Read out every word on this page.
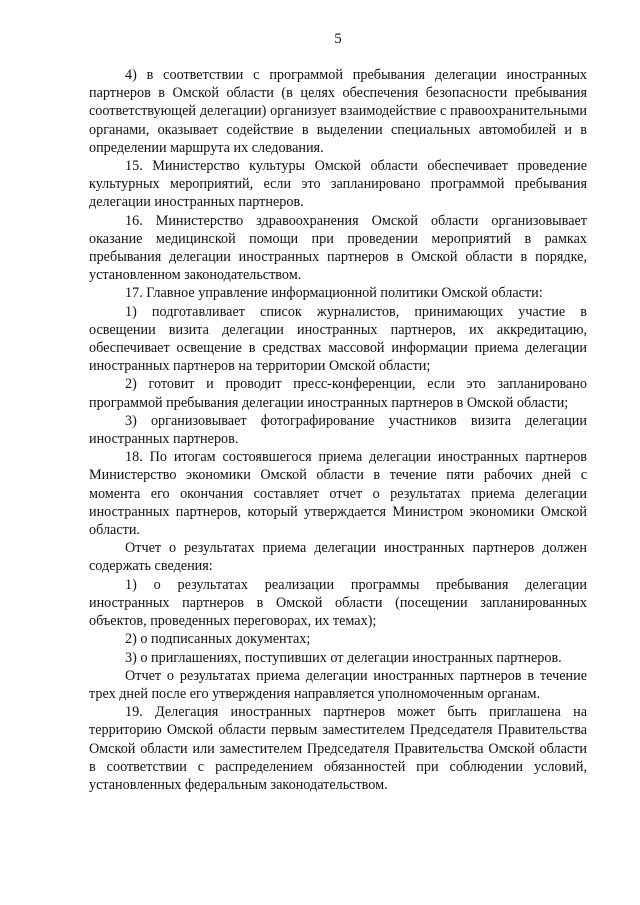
5

4) в соответствии с программой пребывания делегации иностранных партнеров в Омской области (в целях обеспечения безопасности пребывания соответствующей делегации) организует взаимодействие с правоохранительными органами, оказывает содействие в выделении специальных автомобилей и в определении маршрута их следования.

15. Министерство культуры Омской области обеспечивает проведение культурных мероприятий, если это запланировано программой пребывания делегации иностранных партнеров.

16. Министерство здравоохранения Омской области организовывает оказание медицинской помощи при проведении мероприятий в рамках пребывания делегации иностранных партнеров в Омской области в порядке, установленном законодательством.

17. Главное управление информационной политики Омской области:

1) подготавливает список журналистов, принимающих участие в освещении визита делегации иностранных партнеров, их аккредитацию, обеспечивает освещение в средствах массовой информации приема делегации иностранных партнеров на территории Омской области;

2) готовит и проводит пресс-конференции, если это запланировано программой пребывания делегации иностранных партнеров в Омской области;

3) организовывает фотографирование участников визита делегации иностранных партнеров.

18. По итогам состоявшегося приема делегации иностранных партнеров Министерство экономики Омской области в течение пяти рабочих дней с момента его окончания составляет отчет о результатах приема делегации иностранных партнеров, который утверждается Министром экономики Омской области.

Отчет о результатах приема делегации иностранных партнеров должен содержать сведения:

1) о результатах реализации программы пребывания делегации иностранных партнеров в Омской области (посещении запланированных объектов, проведенных переговорах, их темах);

2) о подписанных документах;

3) о приглашениях, поступивших от делегации иностранных партнеров.

Отчет о результатах приема делегации иностранных партнеров в течение трех дней после его утверждения направляется уполномоченным органам.

19. Делегация иностранных партнеров может быть приглашена на территорию Омской области первым заместителем Председателя Правительства Омской области или заместителем Председателя Правительства Омской области в соответствии с распределением обязанностей при соблюдении условий, установленных федеральным законодательством.
